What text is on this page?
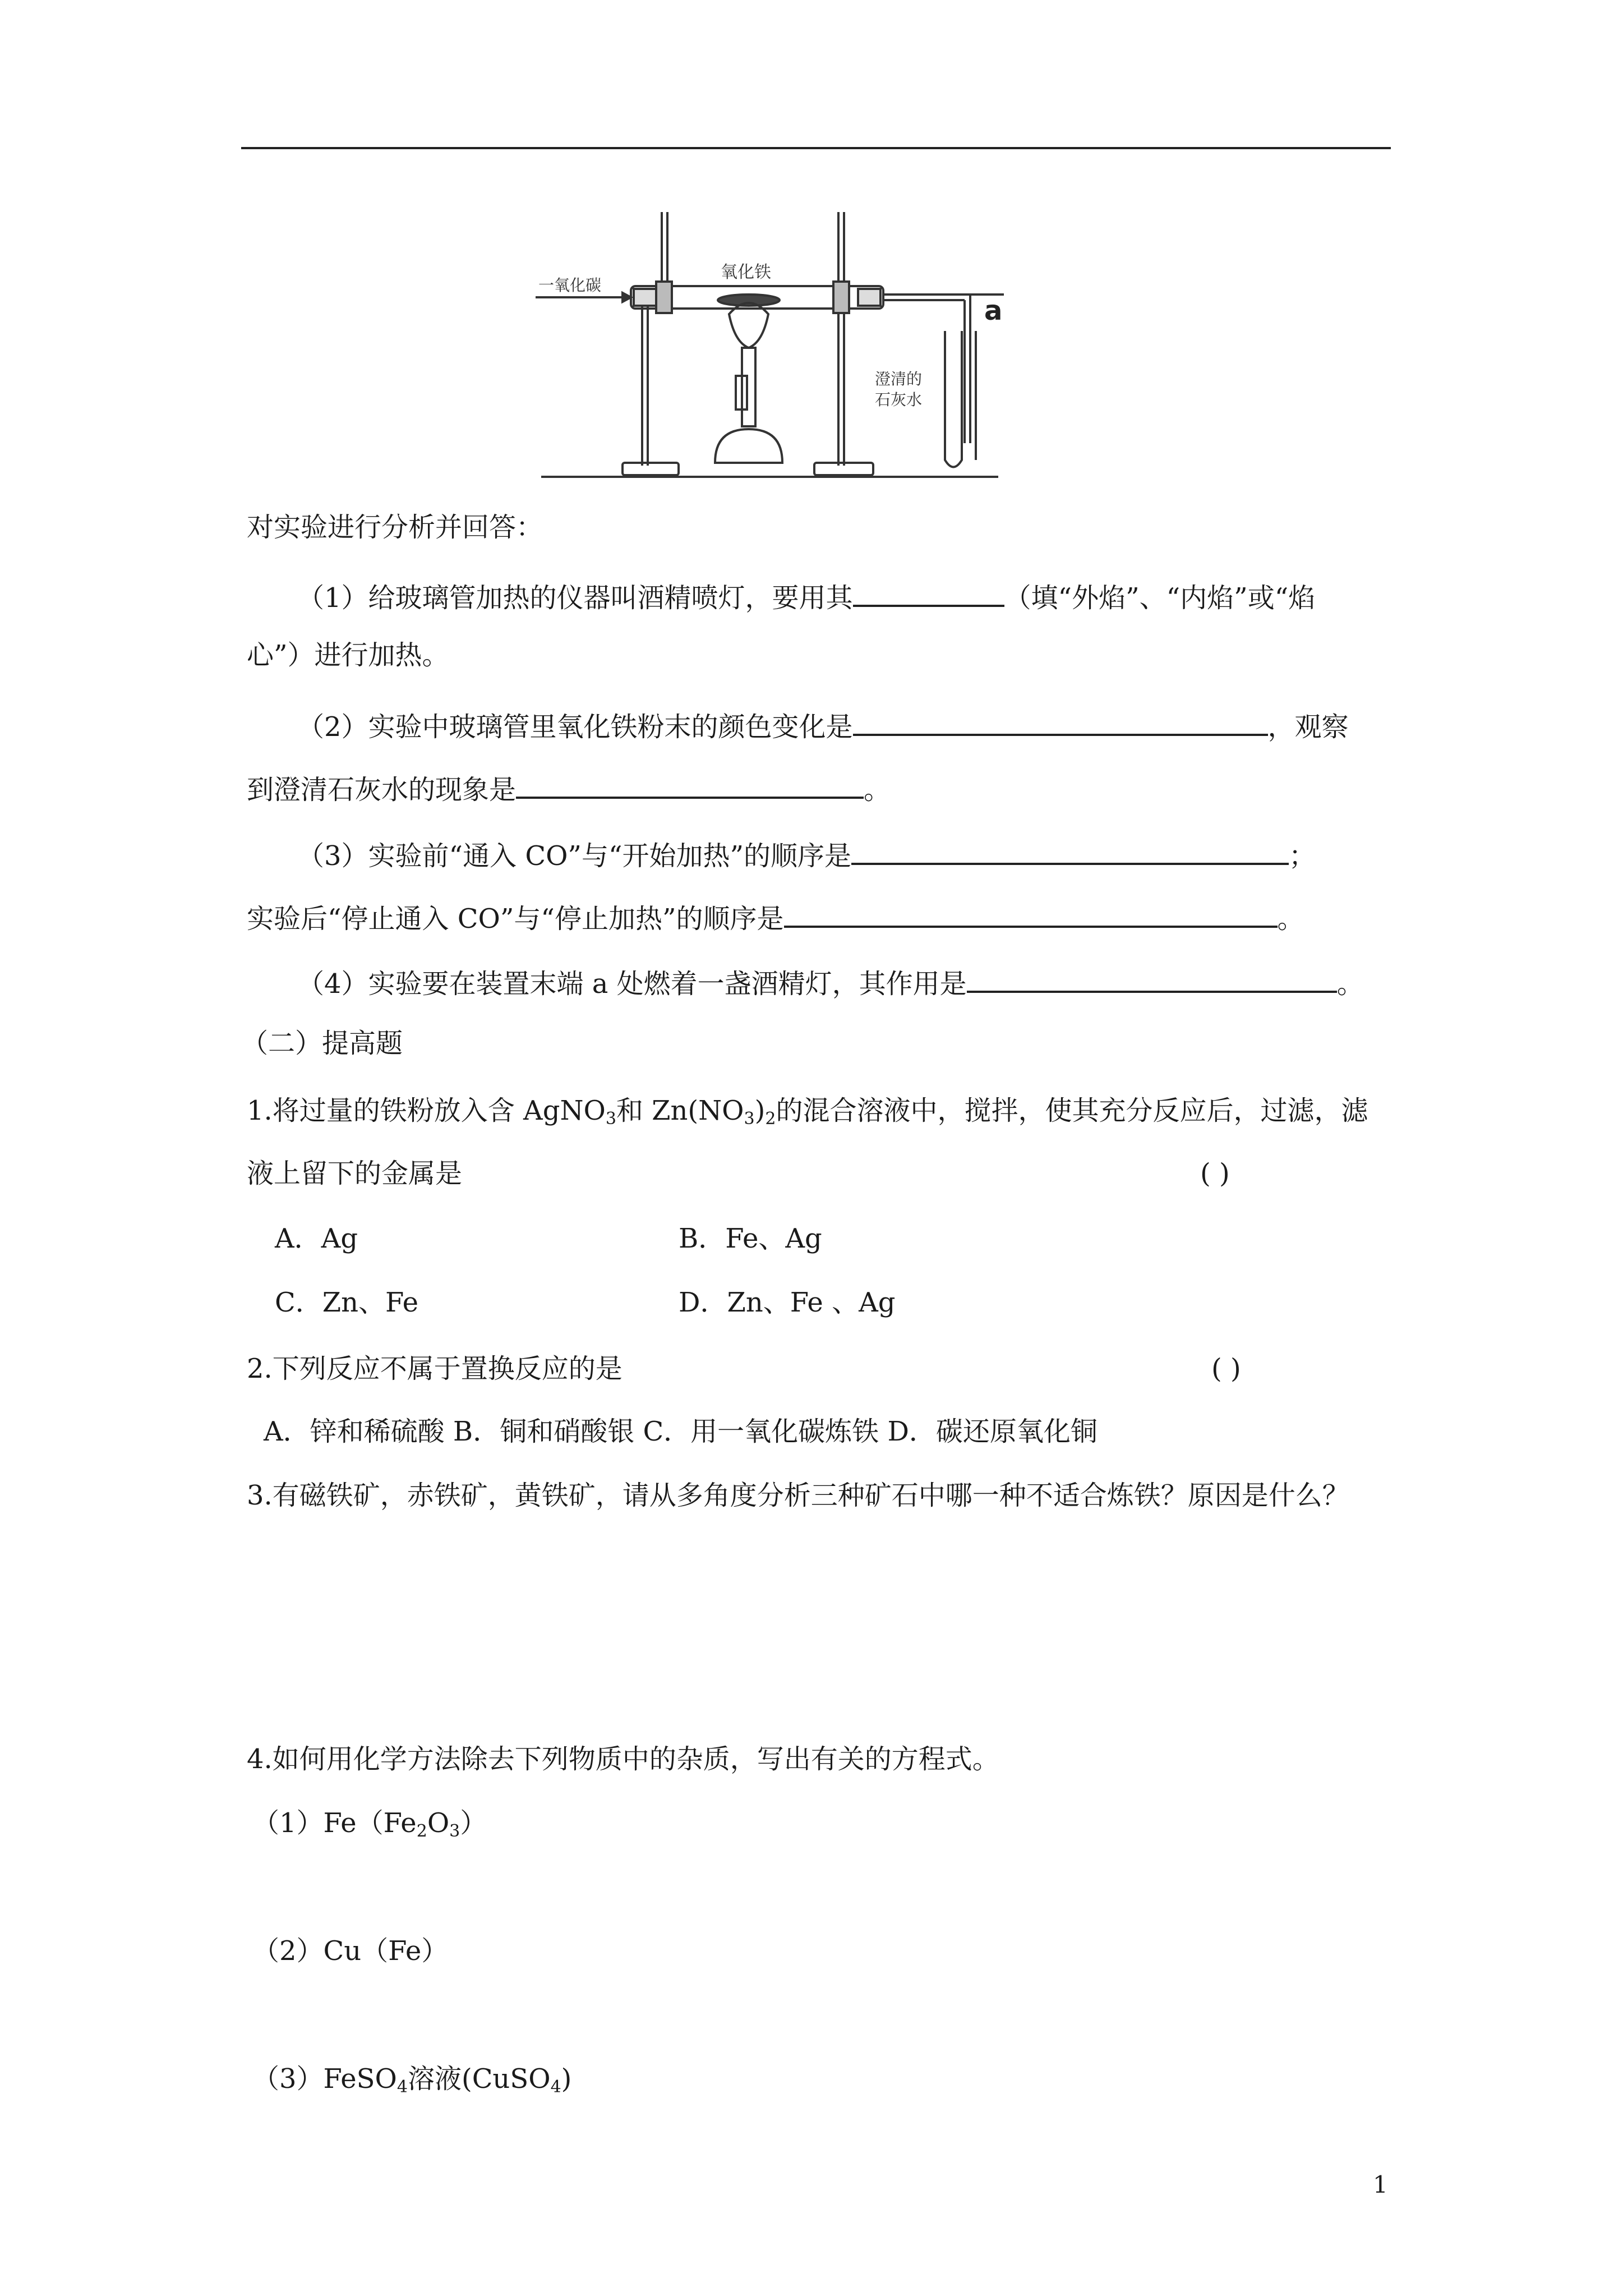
一氧化碳
氧化铁
a
澄清的
石灰水
对实验进行分析并回答：
（1）给玻璃管加热的仪器叫酒精喷灯，要用其	（填“外焰”、“内焰”或“焰
心”）进行加热。
（2）实验中玻璃管里氧化铁粉末的颜色变化是	，观察
到澄清石灰水的现象是	。
（3）实验前“通入 CO”与“开始加热”的顺序是	；
实验后“停止通入 CO”与“停止加热”的顺序是	。
（4）实验要在装置末端 a 处燃着一盏酒精灯，其作用是	。
（二）提高题
1.将过量的铁粉放入含 AgNO$_3$和 $Zn(NO_3)_2$的混合溶液中，搅拌，使其充分反应后，过滤，滤
液上留下的金属是	( )
A．Ag	B．Fe、Ag
C．Zn、Fe	D．Zn、Fe 、Ag
2.下列反应不属于置换反应的是	( )
A．锌和稀硫酸 B．铜和硝酸银 C．用一氧化碳炼铁 D．碳还原氧化铜
3.有磁铁矿，赤铁矿，黄铁矿，请从多角度分析三种矿石中哪一种不适合炼铁？原因是什么？
4.如何用化学方法除去下列物质中的杂质，写出有关的方程式。
$(1)Fe(Fe_2O_3)$
（2）Cu（Fe）
（3）FeSO$_4$溶液(CuSO$_4$)
1
